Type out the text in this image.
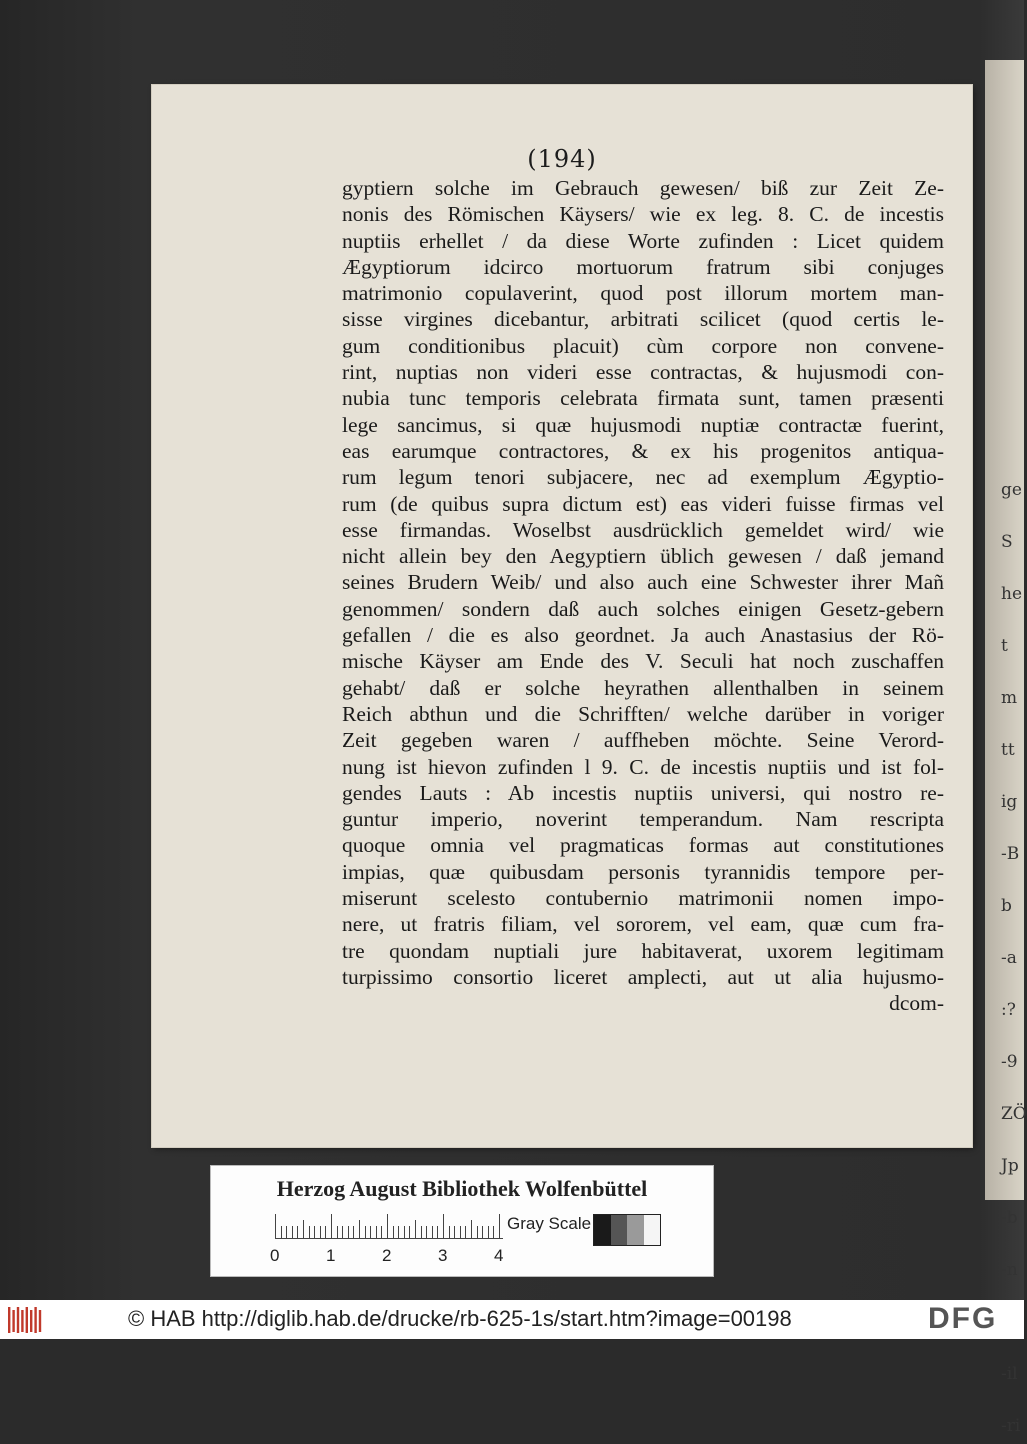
ge
S
he
t
m
tt
ig
-B
b
-a
:?
-9
ZÖ
Jp
-b
-n
-il
-ri
(194)
gyptiern solche im Gebrauch gewesen/ biß zur Zeit Ze-
nonis des Römischen Käysers/ wie ex leg. 8. C. de incestis
nuptiis erhellet / da diese Worte zufinden : Licet quidem
Ægyptiorum idcirco mortuorum fratrum sibi conjuges
matrimonio copulaverint, quod post illorum mortem man-
sisse virgines dicebantur, arbitrati scilicet (quod certis le-
gum conditionibus placuit) cùm corpore non convene-
rint, nuptias non videri esse contractas, & hujusmodi con-
nubia tunc temporis celebrata firmata sunt, tamen præsenti
lege sancimus, si quæ hujusmodi nuptiæ contractæ fuerint,
eas earumque contractores, & ex his progenitos antiqua-
rum legum tenori subjacere, nec ad exemplum Ægyptio-
rum (de quibus supra dictum est) eas videri fuisse firmas vel
esse firmandas. Woselbst ausdrücklich gemeldet wird/ wie
nicht allein bey den Aegyptiern üblich gewesen / daß jemand
seines Brudern Weib/ und also auch eine Schwester ihrer Mañ
genommen/ sondern daß auch solches einigen Gesetz-gebern
gefallen / die es also geordnet. Ja auch Anastasius der Rö-
mische Käyser am Ende des V. Seculi hat noch zuschaffen
gehabt/ daß er solche heyrathen allenthalben in seinem
Reich abthun und die Schrifften/ welche darüber in voriger
Zeit gegeben waren / auffheben möchte. Seine Verord-
nung ist hievon zufinden l 9. C. de incestis nuptiis und ist fol-
gendes Lauts : Ab incestis nuptiis universi, qui nostro re-
guntur imperio, noverint temperandum. Nam rescripta
quoque omnia vel pragmaticas formas aut constitutiones
impias, quæ quibusdam personis tyrannidis tempore per-
miserunt scelesto contubernio matrimonii nomen impo-
nere, ut fratris filiam, vel sororem, vel eam, quæ cum fra-
tre quondam nuptiali jure habitaverat, uxorem legitimam
turpissimo consortio liceret amplecti, aut ut alia hujusmo-
dcom-
Herzog August Bibliothek Wolfenbüttel
Gray Scale
0	1	2	3	4
© HAB http://diglib.hab.de/drucke/rb-625-1s/start.htm?image=00198	DFG
